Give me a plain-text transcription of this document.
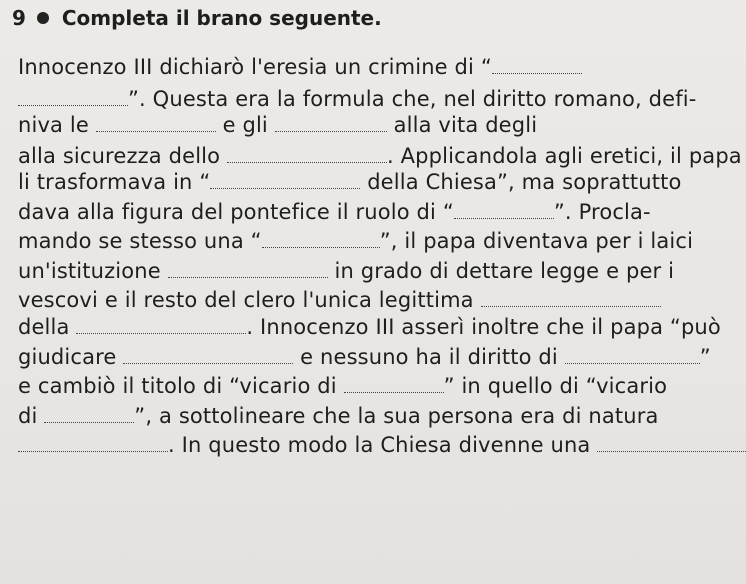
9 Completa il brano seguente.
Innocenzo III dichiarò l'eresia un crimine di “
”. Questa era la formula che, nel diritto romano, defi-
niva le	e gli	alla vita degli
alla sicurezza dello	. Applicandola agli eretici, il papa
li trasformava in “	della Chiesa”, ma soprattutto
dava alla figura del pontefice il ruolo di “	”. Procla-
mando se stesso una “	”, il papa diventava per i laici
un'istituzione	in grado di dettare legge e per i
vescovi e il resto del clero l'unica legittima
della	. Innocenzo III asserì inoltre che il papa “può
giudicare	e nessuno ha il diritto di	”
e cambiò il titolo di “vicario di	” in quello di “vicario
di	”, a sottolineare che la sua persona era di natura
. In questo modo la Chiesa divenne una
